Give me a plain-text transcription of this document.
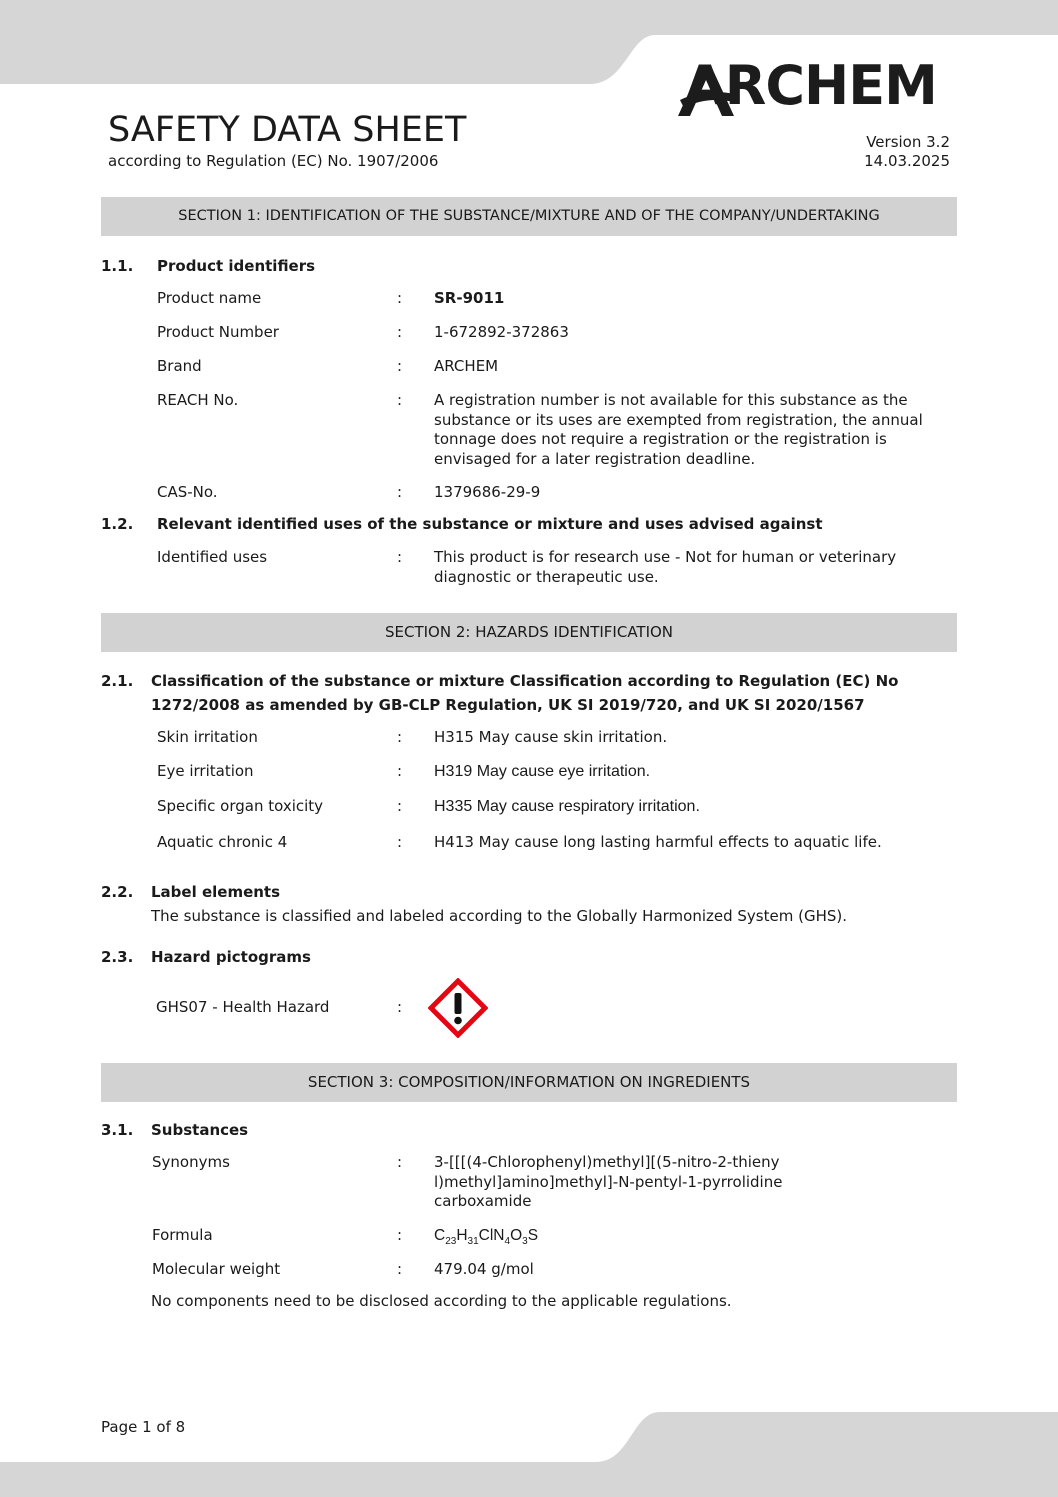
ARCHEM
SAFETY DATA SHEET
according to Regulation (EC) No. 1907/2006
Version 3.2
14.03.2025
SECTION 1: IDENTIFICATION OF THE SUBSTANCE/MIXTURE AND OF THE COMPANY/UNDERTAKING
1.1. Product identifiers
Product name	: SR-9011
Product Number	: 1-672892-372863
Brand	: ARCHEM
REACH No.	: A registration number is not available for this substance as the substance or its uses are exempted from registration, the annual tonnage does not require a registration or the registration is envisaged for a later registration deadline.
CAS-No.	: 1379686-29-9
1.2. Relevant identified uses of the substance or mixture and uses advised against
Identified uses	: This product is for research use - Not for human or veterinary diagnostic or therapeutic use.
SECTION 2: HAZARDS IDENTIFICATION
2.1. Classification of the substance or mixture Classification according to Regulation (EC) No
1272/2008 as amended by GB-CLP Regulation, UK SI 2019/720, and UK SI 2020/1567
Skin irritation	: H315 May cause skin irritation.
Eye irritation	: H319 May cause eye irritation.
Specific organ toxicity	: H335 May cause respiratory irritation.
Aquatic chronic 4	: H413 May cause long lasting harmful effects to aquatic life.
2.2. Label elements
The substance is classified and labeled according to the Globally Harmonized System (GHS).
2.3. Hazard pictograms
GHS07 - Health Hazard	:
SECTION 3: COMPOSITION/INFORMATION ON INGREDIENTS
3.1. Substances
Synonyms	: 3-[[[(4-Chlorophenyl)methyl][(5-nitro-2-thienyl)methyl]amino]methyl]-N-pentyl-1-pyrrolidinecarboxamide
Formula	: $C_{23}H_{31}ClN_4O_3S$
Molecular weight	: 479.04 g/mol
No components need to be disclosed according to the applicable regulations.
Page 1 of 8
